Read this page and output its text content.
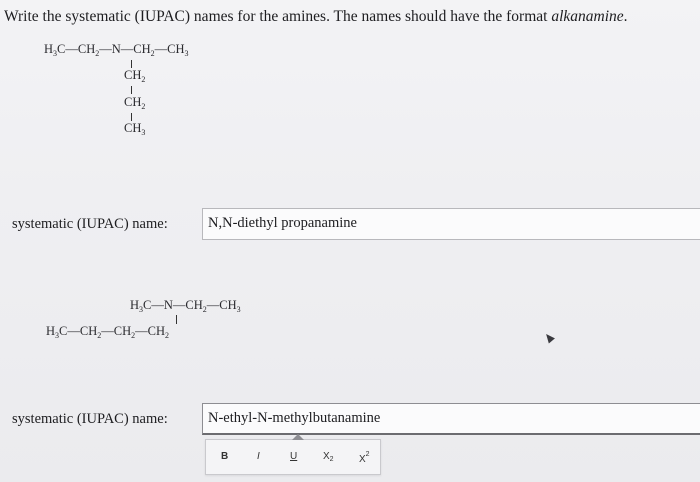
Write the systematic (IUPAC) names for the amines. The names should have the format alkanamine.
$H_3C—CH_2—N—CH_2—CH_3$
$CH_2$
$CH_2$
$CH_3$
systematic (IUPAC) name:	N,N-diethyl propanamine
$H_3C—N—CH_2—CH_3$
$H_3C—CH_2—CH_2—CH_2$
systematic (IUPAC) name:	N-ethyl-N-methylbutanamine
B	I	U	$X_2$	$X^2$
